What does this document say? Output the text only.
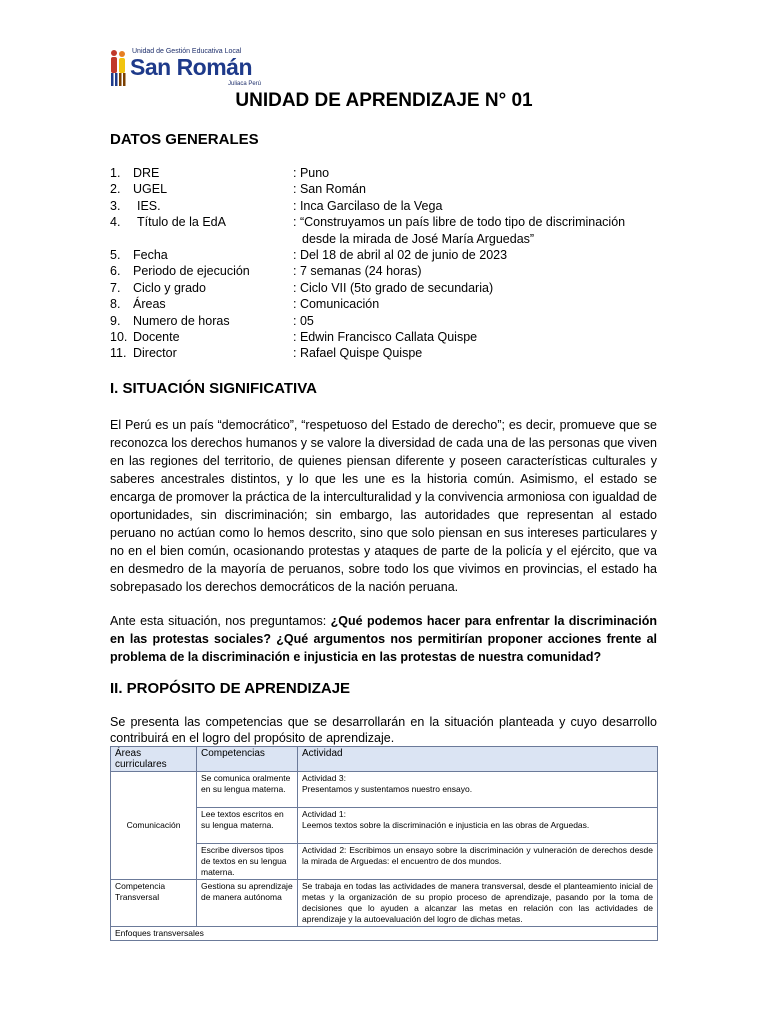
Unidad de Gestión Educativa Local
San Román
Juliaca Perú
UNIDAD DE APRENDIZAJE N° 01
DATOS GENERALES
1. DRE	: Puno
2. UGEL	: San Román
3. IES.	: Inca Garcilaso de la Vega
4. Título de la EdA	: “Construyamos un país libre de todo tipo de discriminación
desde la mirada de José María Arguedas”
5. Fecha	: Del 18 de abril al 02 de junio de 2023
6. Periodo de ejecución	: 7 semanas (24 horas)
7. Ciclo y grado	: Ciclo VII (5to grado de secundaria)
8. Áreas	: Comunicación
9. Numero de horas	: 05
10. Docente	: Edwin Francisco Callata Quispe
11. Director	: Rafael Quispe Quispe
I. SITUACIÓN SIGNIFICATIVA
El Perú es un país “democrático”, “respetuoso del Estado de derecho”; es decir, promueve que se reconozca los derechos humanos y se valore la diversidad de cada una de las personas que viven en las regiones del territorio, de quienes piensan diferente y poseen características culturales y saberes ancestrales distintos, y lo que les une es la historia común. Asimismo, el estado se encarga de promover la práctica de la interculturalidad y la convivencia armoniosa con igualdad de oportunidades, sin discriminación; sin embargo, las autoridades que representan al estado peruano no actúan como lo hemos descrito, sino que solo piensan en sus intereses particulares y no en el bien común, ocasionando protestas y ataques de parte de la policía y el ejército, que va en desmedro de la mayoría de peruanos, sobre todo los que vivimos en provincias, el estado ha sobrepasado los derechos democráticos de la nación peruana.
Ante esta situación, nos preguntamos: ¿Qué podemos hacer para enfrentar la discriminación en las protestas sociales? ¿Qué argumentos nos permitirían proponer acciones frente al problema de la discriminación e injusticia en las protestas de nuestra comunidad?
II. PROPÓSITO DE APRENDIZAJE
Se presenta las competencias que se desarrollarán en la situación planteada y cuyo desarrollo contribuirá en el logro del propósito de aprendizaje.
Áreas curriculares	Competencias	Actividad
Comunicación	Se comunica oralmente en su lengua materna.	Actividad 3:
Presentamos y sustentamos nuestro ensayo.

	Lee textos escritos en su lengua materna.	Actividad 1:
Leemos textos sobre la discriminación e injusticia en las obras de Arguedas.

	Escribe diversos tipos de textos en su lengua materna.	Actividad 2: Escribimos un ensayo sobre la discriminación y vulneración de derechos desde la mirada de Arguedas: el encuentro de dos mundos.
Competencia Transversal	Gestiona su aprendizaje de manera autónoma	Se trabaja en todas las actividades de manera transversal, desde el planteamiento inicial de metas y la organización de su propio proceso de aprendizaje, pasando por la toma de decisiones que lo ayuden a alcanzar las metas en relación con las actividades de aprendizaje y la autoevaluación del logro de dichas metas.
Enfoques transversales		
